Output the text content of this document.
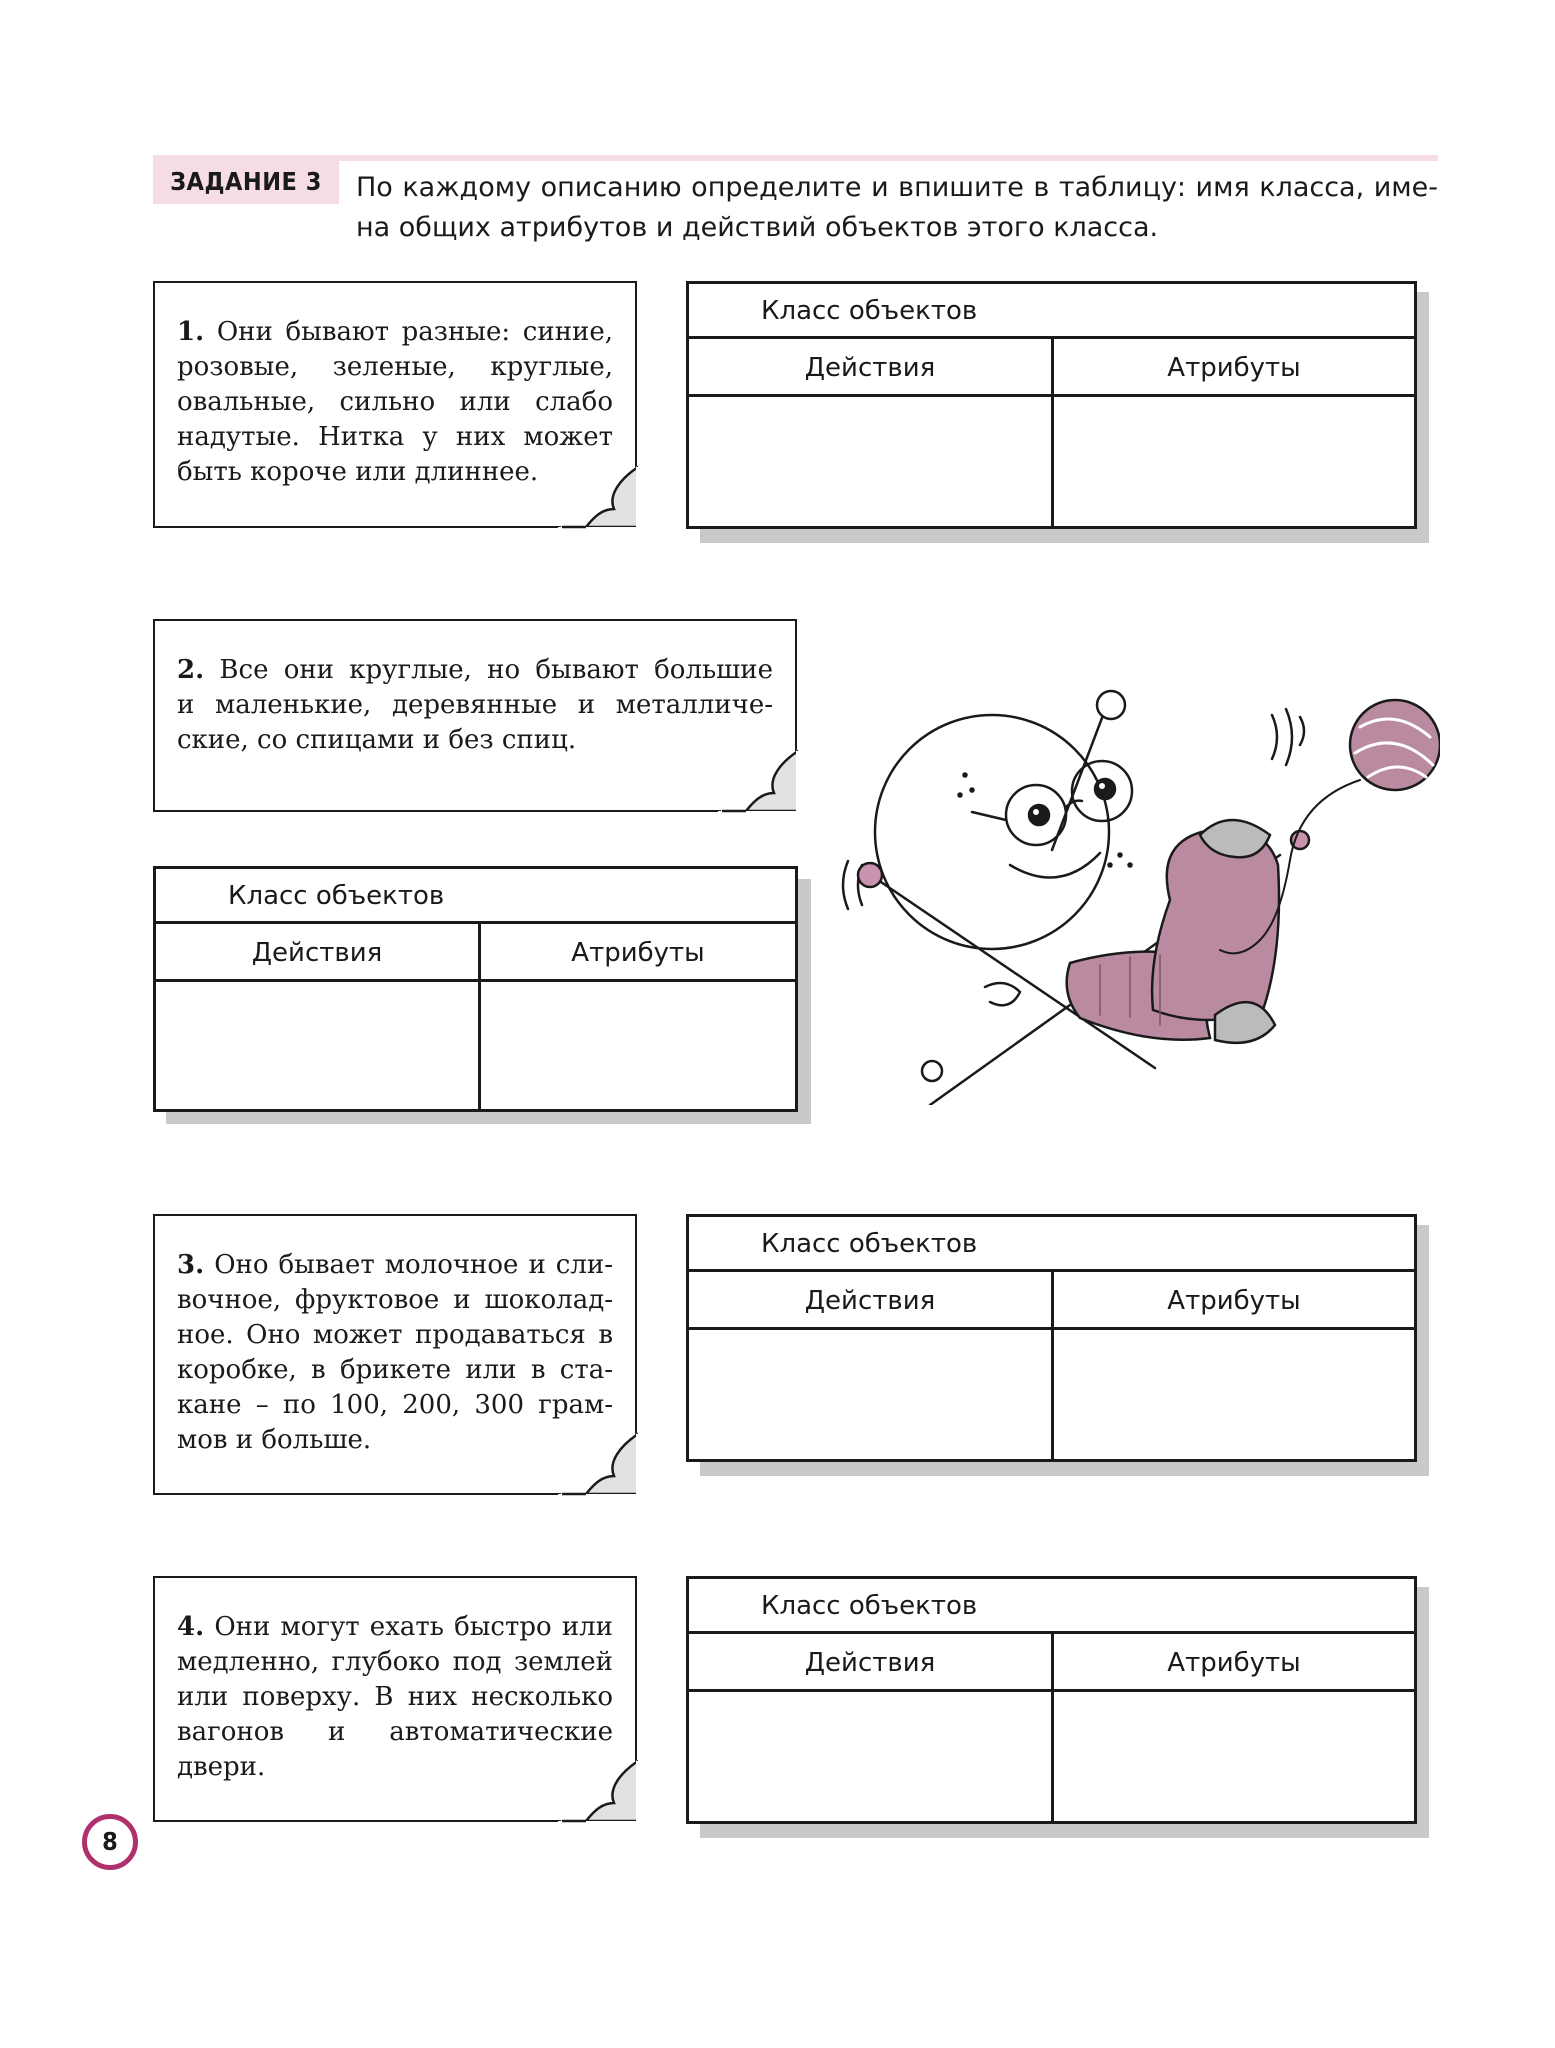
ЗАДАНИЕ 3	По каждому описанию определите и впишите в таблицу: имя класса, име-
на общих атрибутов и действий объектов этого класса.
1. Они бывают разные: синие,
розовые, зеленые, круглые,
овальные, сильно или слабо
надутые. Нитка у них может
быть короче или длиннее.
Класс объектов
Действия	Атрибуты
2. Все они круглые, но бывают большие
и маленькие, деревянные и металличе-
ские, со спицами и без спиц.
Класс объектов
Действия	Атрибуты
3. Оно бывает молочное и сли-
вочное, фруктовое и шоколад-
ное. Оно может продаваться в
коробке, в брикете или в ста-
кане – по 100, 200, 300 грам-
мов и больше.
Класс объектов
Действия	Атрибуты
4. Они могут ехать быстро или
медленно, глубоко под землей
или поверху. В них несколько
вагонов и автоматические
двери.
Класс объектов
Действия	Атрибуты
8
